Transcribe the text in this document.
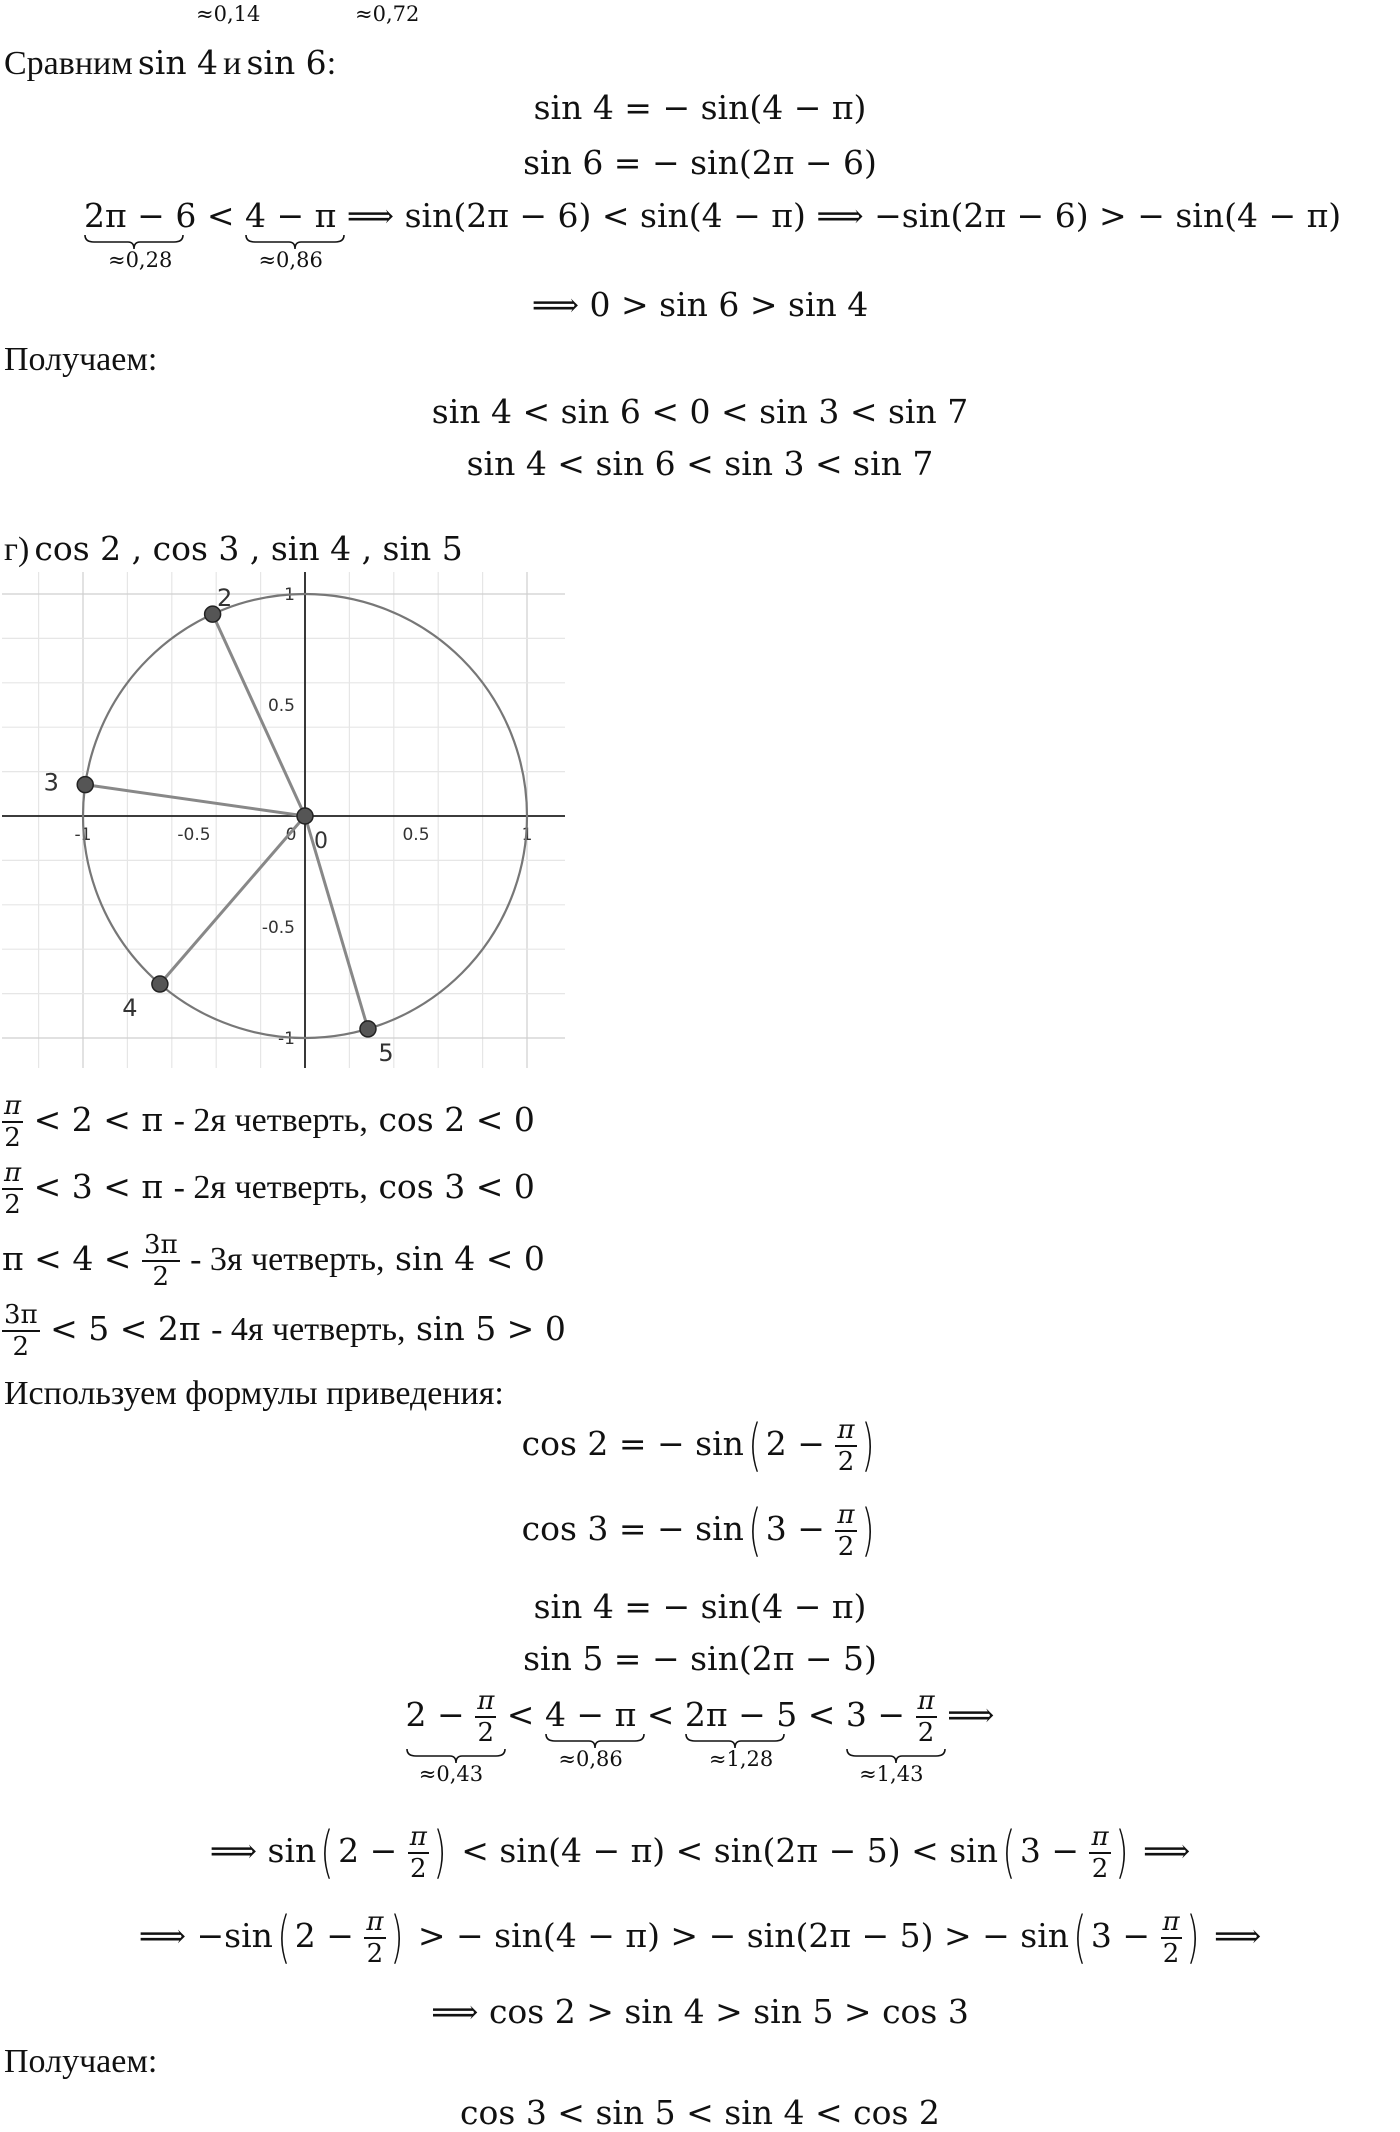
≈0,14	≈0,72
Сравним sin 4 и sin 6:
sin 4 = − sin(4 − π)
sin 6 = − sin(2π − 6)
2π − 6
≈0,28
< 4 − π
≈0,86
⟹ sin(2π − 6) < sin(4 − π) ⟹ −sin(2π − 6) > − sin(4 − π)
⟹ 0 > sin 6 > sin 4
Получаем:
sin 4 < sin 6 < 0 < sin 3 < sin 7
sin 4 < sin 6 < sin 3 < sin 7
г) cos 2 , cos 3 , sin 4 , sin 5
-1	-0.5	0	0.5	1
1
0.5
-0.5
-1
2
3
4
5
0
$\frac{\pi}{2} < 2 < \pi - 2я$ четверть, cos 2 < 0
$\frac{\pi}{2} < 3 < \pi - 2я$ четверть, cos 3 < 0
$\pi < 4 < \frac{3\pi}{2} - 3я$ четверть, sin 4 < 0
$\frac{3\pi}{2} < 5 < 2\pi - 4я$ четверть, sin 5 > 0
Используем формулы приведения:
cos 2 = − sin( $2 - \frac{\pi}{2}$ )
cos 3 = − sin( $3 - \frac{\pi}{2}$ )
sin 4 = − sin(4 − π)
sin 5 = − sin(2π − 5)
$2 - \frac{\pi}{2}$
≈0,43
< 4 − π
≈0,86
< 2π − 5
≈1,28
< $3 - \frac{\pi}{2}$
≈1,43
⟹
⟹ sin( $2 - \frac{\pi}{2}$ ) < sin(4 − π) < sin(2π − 5) < sin( $3 - \frac{\pi}{2}$ ) ⟹
⟹ −sin( $2 - \frac{\pi}{2}$ ) > − sin(4 − π) > − sin(2π − 5) > − sin( $3 - \frac{\pi}{2}$ ) ⟹
⟹ cos 2 > sin 4 > sin 5 > cos 3
Получаем:
cos 3 < sin 5 < sin 4 < cos 2
